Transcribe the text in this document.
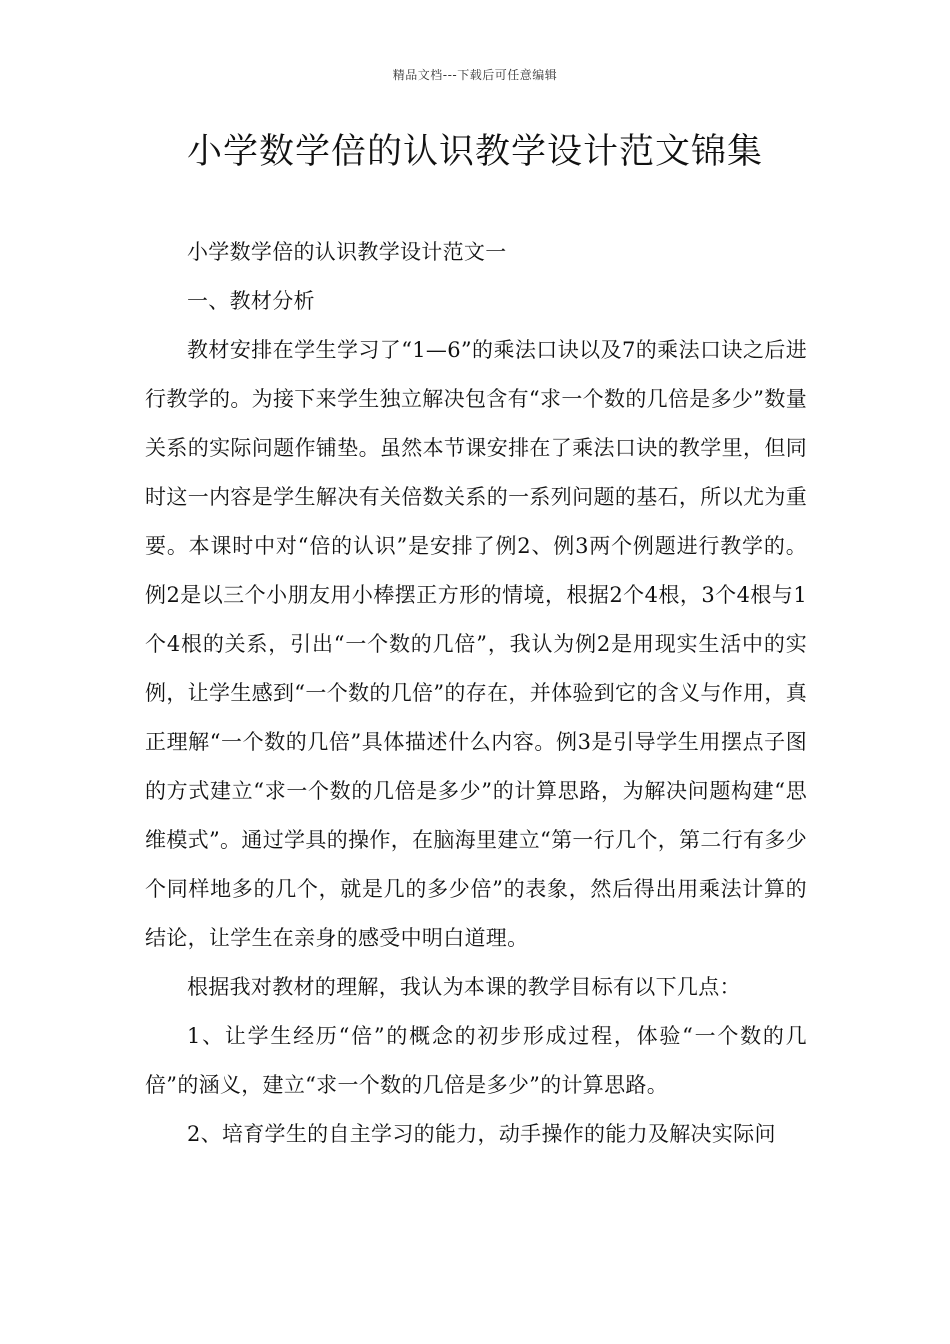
精品文档---下载后可任意编辑
小学数学倍的认识教学设计范文锦集

小学数学倍的认识教学设计范文一

一、教材分析

教材安排在学生学习了“1—6”的乘法口诀以及7的乘法口诀之后进行教学的。为接下来学生独立解决包含有“求一个数的几倍是多少”数量关系的实际问题作铺垫。虽然本节课安排在了乘法口诀的教学里，但同时这一内容是学生解决有关倍数关系的一系列问题的基石，所以尤为重要。本课时中对“倍的认识”是安排了例2、例3两个例题进行教学的。例2是以三个小朋友用小棒摆正方形的情境，根据2个4根，3个4根与1个4根的关系，引出“一个数的几倍”，我认为例2是用现实生活中的实例，让学生感到“一个数的几倍”的存在，并体验到它的含义与作用，真正理解“一个数的几倍”具体描述什么内容。例3是引导学生用摆点子图的方式建立“求一个数的几倍是多少”的计算思路，为解决问题构建“思维模式”。通过学具的操作，在脑海里建立“第一行几个，第二行有多少个同样地多的几个，就是几的多少倍”的表象，然后得出用乘法计算的结论，让学生在亲身的感受中明白道理。

根据我对教材的理解，我认为本课的教学目标有以下几点：

1、让学生经历“倍”的概念的初步形成过程，体验“一个数的几倍”的涵义，建立“求一个数的几倍是多少”的计算思路。

2、培育学生的自主学习的能力，动手操作的能力及解决实际问
